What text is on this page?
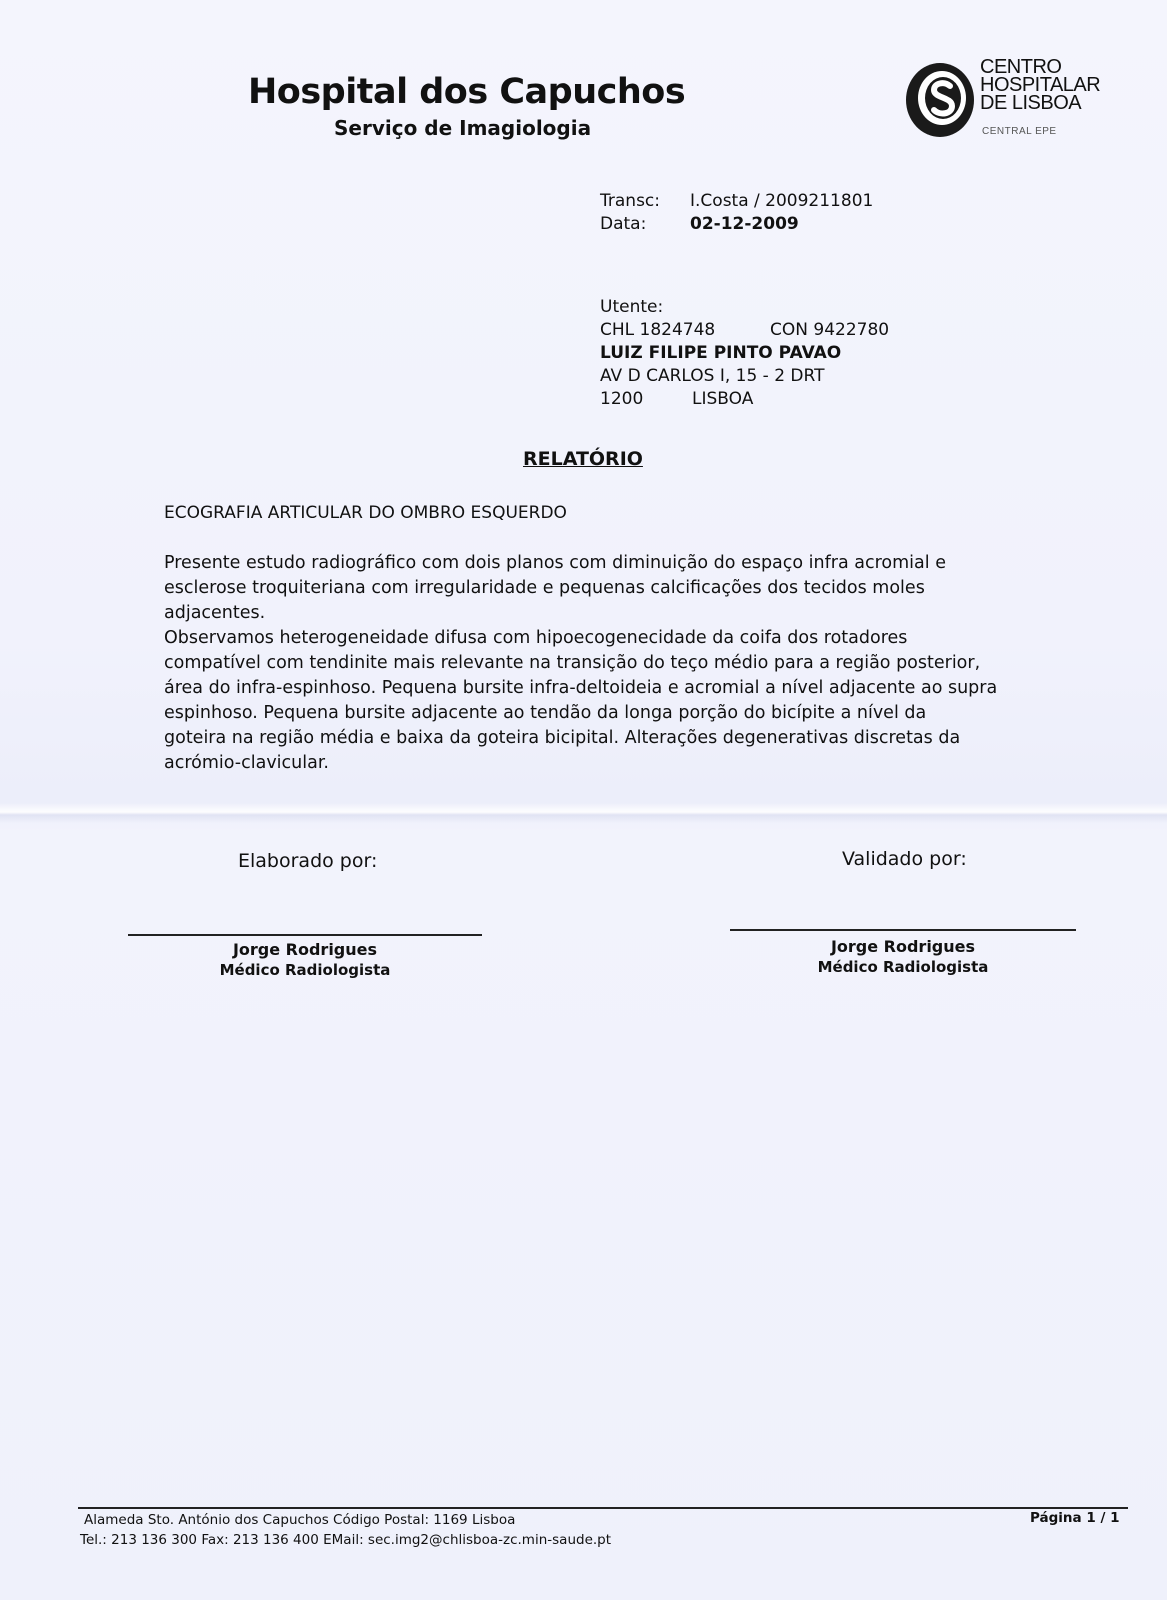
Hospital dos Capuchos
Serviço de Imagiologia
CENTRO
HOSPITALAR
DE LISBOA
CENTRAL EPE
Transc:	I.Costa / 2009211801
Data:	02-12-2009
Utente:
CHL 1824748	CON 9422780
LUIZ FILIPE PINTO PAVAO
AV D CARLOS I, 15 - 2 DRT
1200	LISBOA
RELATÓRIO
ECOGRAFIA ARTICULAR DO OMBRO ESQUERDO

Presente estudo radiográfico com dois planos com diminuição do espaço infra acromial e
esclerose troquiteriana com irregularidade e pequenas calcificações dos tecidos moles
adjacentes.

Observamos heterogeneidade difusa com hipoecogenecidade da coifa dos rotadores
compatível com tendinite mais relevante na transição do teço médio para a região posterior,
área do infra-espinhoso. Pequena bursite infra-deltoideia e acromial a nível adjacente ao supra
espinhoso. Pequena bursite adjacente ao tendão da longa porção do bicípite a nível da
goteira na região média e baixa da goteira bicipital. Alterações degenerativas discretas da
acrómio-clavicular.

Elaborado por:
Jorge Rodrigues
Médico Radiologista
Validado por:
Jorge Rodrigues
Médico Radiologista
Alameda Sto. António dos Capuchos Código Postal: 1169 Lisboa
Tel.: 213 136 300 Fax: 213 136 400 EMail: sec.img2@chlisboa-zc.min-saude.pt
Página 1 / 1
